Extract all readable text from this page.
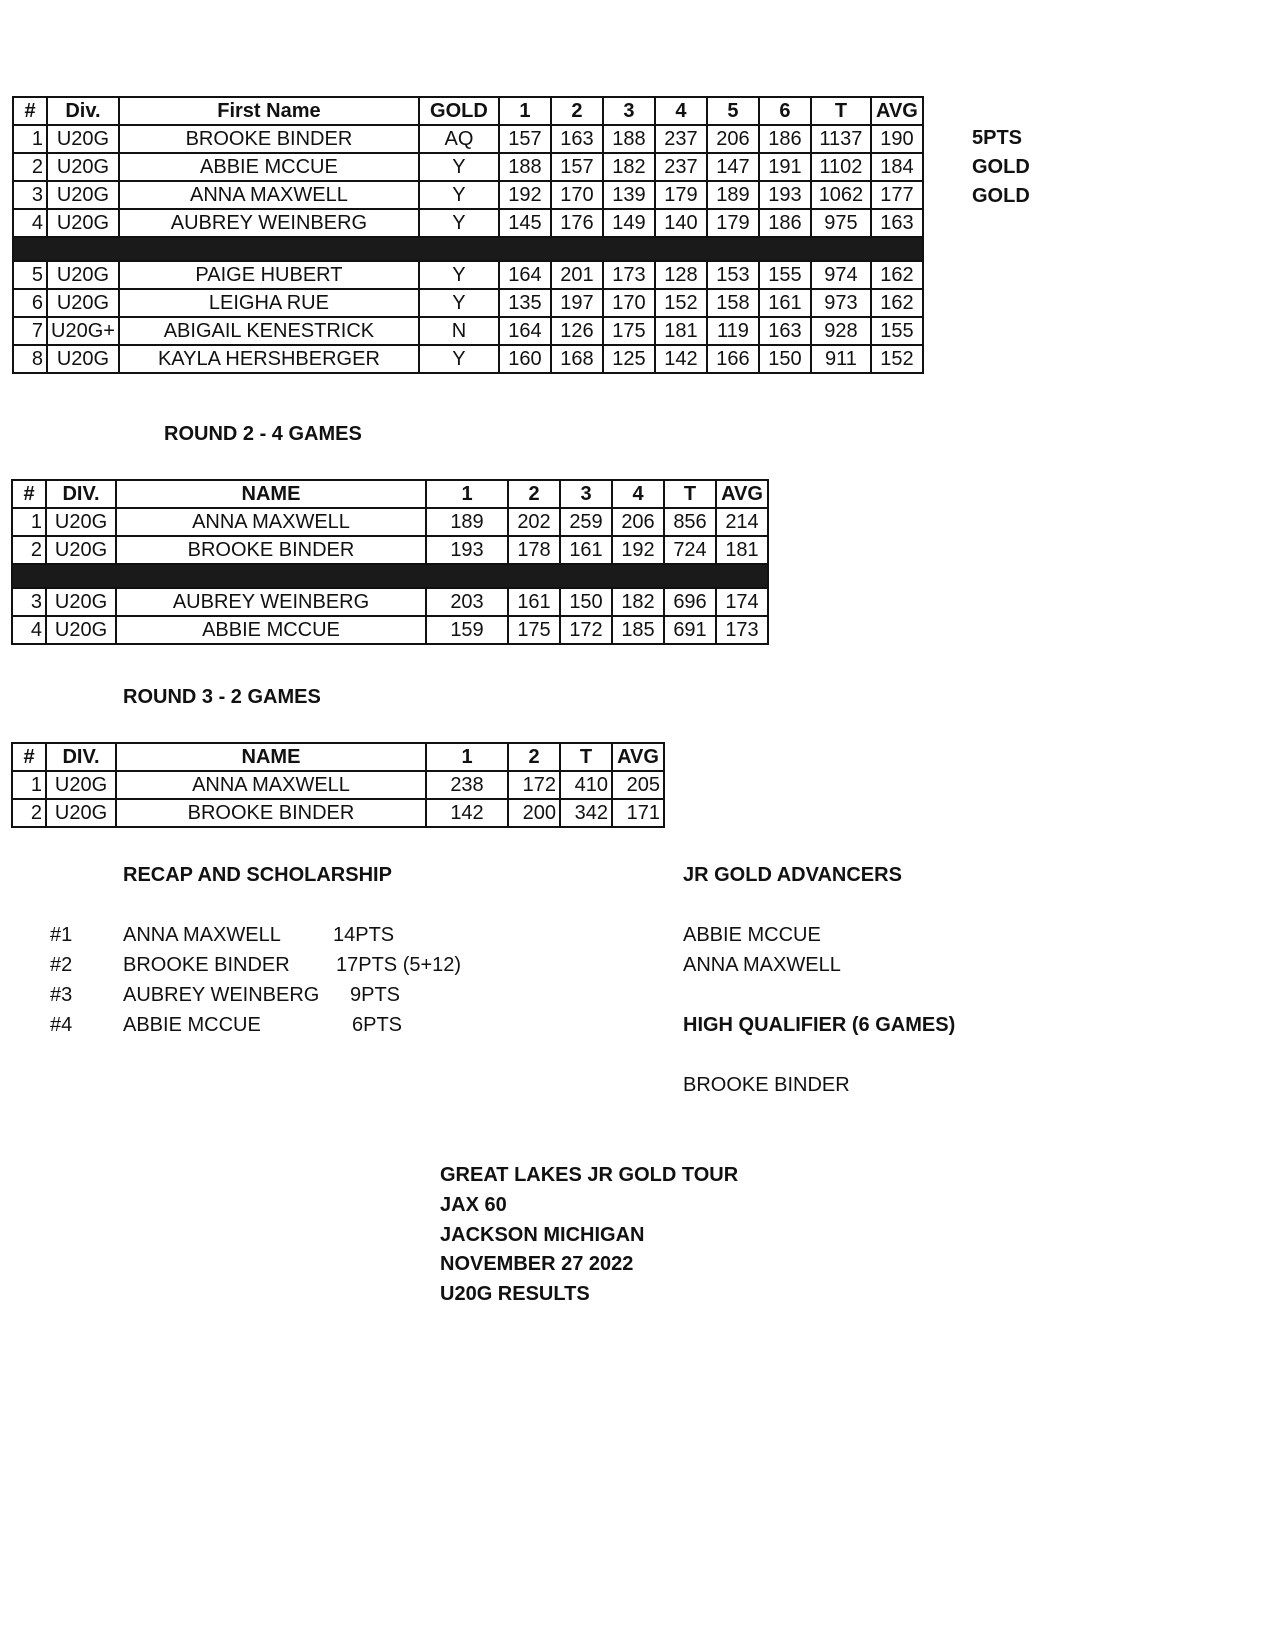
#	Div.	First Name	GOLD	1	2	3	4	5	6	T	AVG
1	U20G	BROOKE BINDER	AQ	157	163	188	237	206	186	1137	190
2	U20G	ABBIE MCCUE	Y	188	157	182	237	147	191	1102	184
3	U20G	ANNA MAXWELL	Y	192	170	139	179	189	193	1062	177
4	U20G	AUBREY WEINBERG	Y	145	176	149	140	179	186	975	163

5	U20G	PAIGE HUBERT	Y	164	201	173	128	153	155	974	162
6	U20G	LEIGHA RUE	Y	135	197	170	152	158	161	973	162
7	U20G+	ABIGAIL KENESTRICK	N	164	126	175	181	119	163	928	155
8	U20G	KAYLA HERSHBERGER	Y	160	168	125	142	166	150	911	152
5PTS
GOLD
GOLD
ROUND 2 - 4 GAMES
#	DIV.	NAME	1	2	3	4	T	AVG
1	U20G	ANNA MAXWELL	189	202	259	206	856	214
2	U20G	BROOKE BINDER	193	178	161	192	724	181

3	U20G	AUBREY WEINBERG	203	161	150	182	696	174
4	U20G	ABBIE MCCUE	159	175	172	185	691	173
ROUND 3 - 2 GAMES
#	DIV.	NAME	1	2	T	AVG
1	U20G	ANNA MAXWELL	238	172	410	205
2	U20G	BROOKE BINDER	142	200	342	171
RECAP AND SCHOLARSHIP
#1	ANNA MAXWELL	14PTS
#2	BROOKE BINDER 17PTS (5+12)
#3	AUBREY WEINBERG 9PTS
#4	ABBIE MCCUE	6PTS
JR GOLD ADVANCERS
ABBIE MCCUE
ANNA MAXWELL
HIGH QUALIFIER (6 GAMES)
BROOKE BINDER
GREAT LAKES JR GOLD TOUR
JAX 60
JACKSON MICHIGAN
NOVEMBER 27 2022
U20G RESULTS
